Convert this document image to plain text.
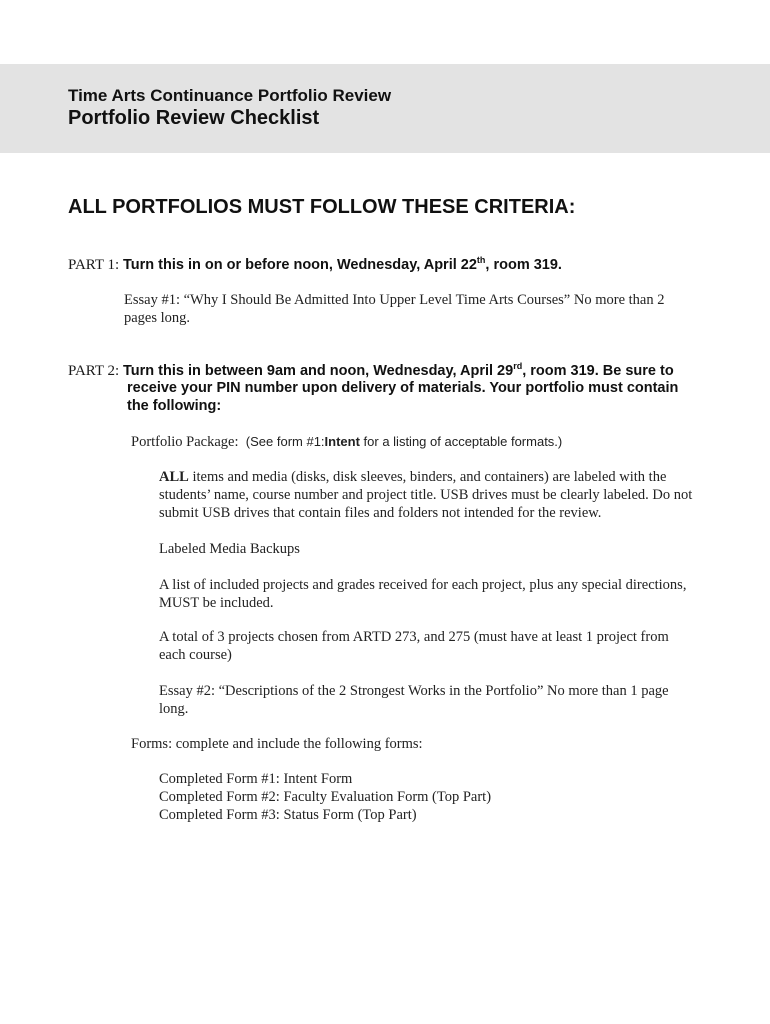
Time Arts Continuance Portfolio Review
Portfolio Review Checklist
ALL PORTFOLIOS MUST FOLLOW THESE CRITERIA:
PART 1: Turn this in on or before noon, Wednesday, April 22th, room 319.
Essay #1: “Why I Should Be Admitted Into Upper Level Time Arts Courses” No more than 2
pages long.
PART 2: Turn this in between 9am and noon, Wednesday, April 29rd, room 319. Be sure to
receive your PIN number upon delivery of materials. Your portfolio must contain
the following:
Portfolio Package: (See form #1:Intent for a listing of acceptable formats.)
ALL items and media (disks, disk sleeves, binders, and containers) are labeled with the
students’ name, course number and project title. USB drives must be clearly labeled. Do not
submit USB drives that contain files and folders not intended for the review.
Labeled Media Backups
A list of included projects and grades received for each project, plus any special directions,
MUST be included.
A total of 3 projects chosen from ARTD 273, and 275 (must have at least 1 project from
each course)
Essay #2: “Descriptions of the 2 Strongest Works in the Portfolio” No more than 1 page
long.
Forms: complete and include the following forms:
Completed Form #1: Intent Form
Completed Form #2: Faculty Evaluation Form (Top Part)
Completed Form #3: Status Form (Top Part)
